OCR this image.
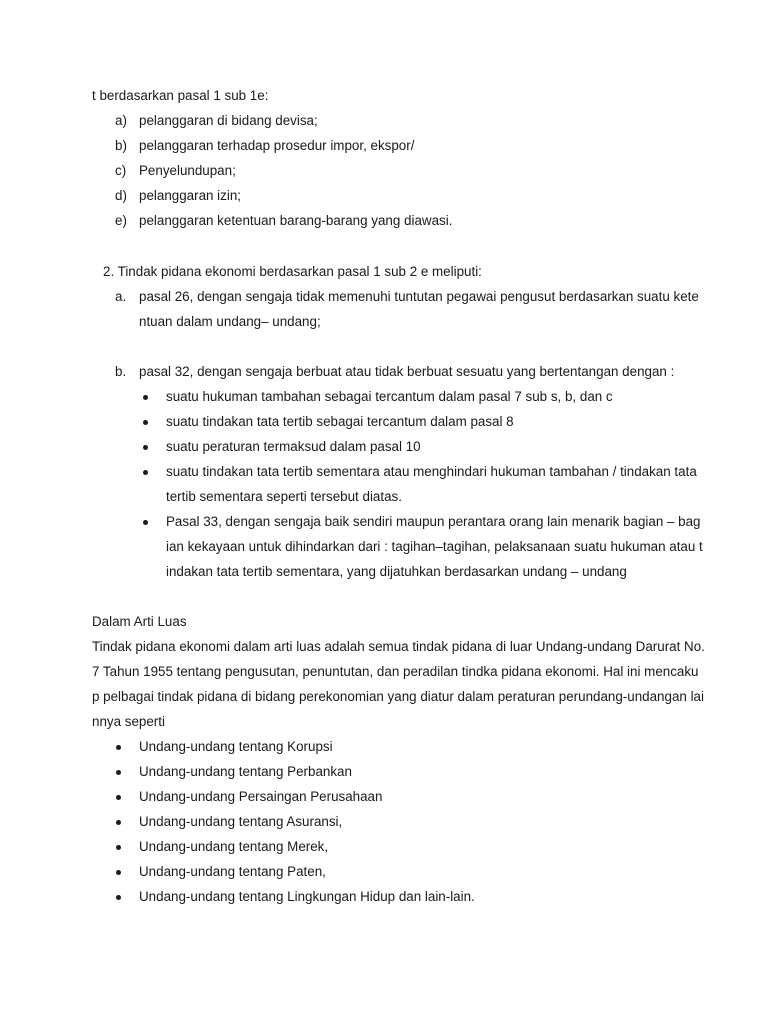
t berdasarkan pasal 1 sub 1e:
a) pelanggaran di bidang devisa;
b) pelanggaran terhadap prosedur impor, ekspor/
c) Penyelundupan;
d) pelanggaran izin;
e) pelanggaran ketentuan barang-barang yang diawasi.
2. Tindak pidana ekonomi berdasarkan pasal 1 sub 2 e meliputi:
a. pasal 26, dengan sengaja tidak memenuhi tuntutan pegawai pengusut berdasarkan suatu kete
ntuan dalam undang– undang;
b. pasal 32, dengan sengaja berbuat atau tidak berbuat sesuatu yang bertentangan dengan :
suatu hukuman tambahan sebagai tercantum dalam pasal 7 sub s, b, dan c
suatu tindakan tata tertib sebagai tercantum dalam pasal 8
suatu peraturan termaksud dalam pasal 10
suatu tindakan tata tertib sementara atau menghindari hukuman tambahan / tindakan tata
tertib sementara seperti tersebut diatas.
Pasal 33, dengan sengaja baik sendiri maupun perantara orang lain menarik bagian – bag
ian kekayaan untuk dihindarkan dari : tagihan–tagihan, pelaksanaan suatu hukuman atau t
indakan tata tertib sementara, yang dijatuhkan berdasarkan undang – undang
Dalam Arti Luas
Tindak pidana ekonomi dalam arti luas adalah semua tindak pidana di luar Undang-undang Darurat No.
7 Tahun 1955 tentang pengusutan, penuntutan, dan peradilan tindka pidana ekonomi. Hal ini mencaku
p pelbagai tindak pidana di bidang perekonomian yang diatur dalam peraturan perundang-undangan lai
nnya seperti
Undang-undang tentang Korupsi
Undang-undang tentang Perbankan
Undang-undang Persaingan Perusahaan
Undang-undang tentang Asuransi,
Undang-undang tentang Merek,
Undang-undang tentang Paten,
Undang-undang tentang Lingkungan Hidup dan lain-lain.
